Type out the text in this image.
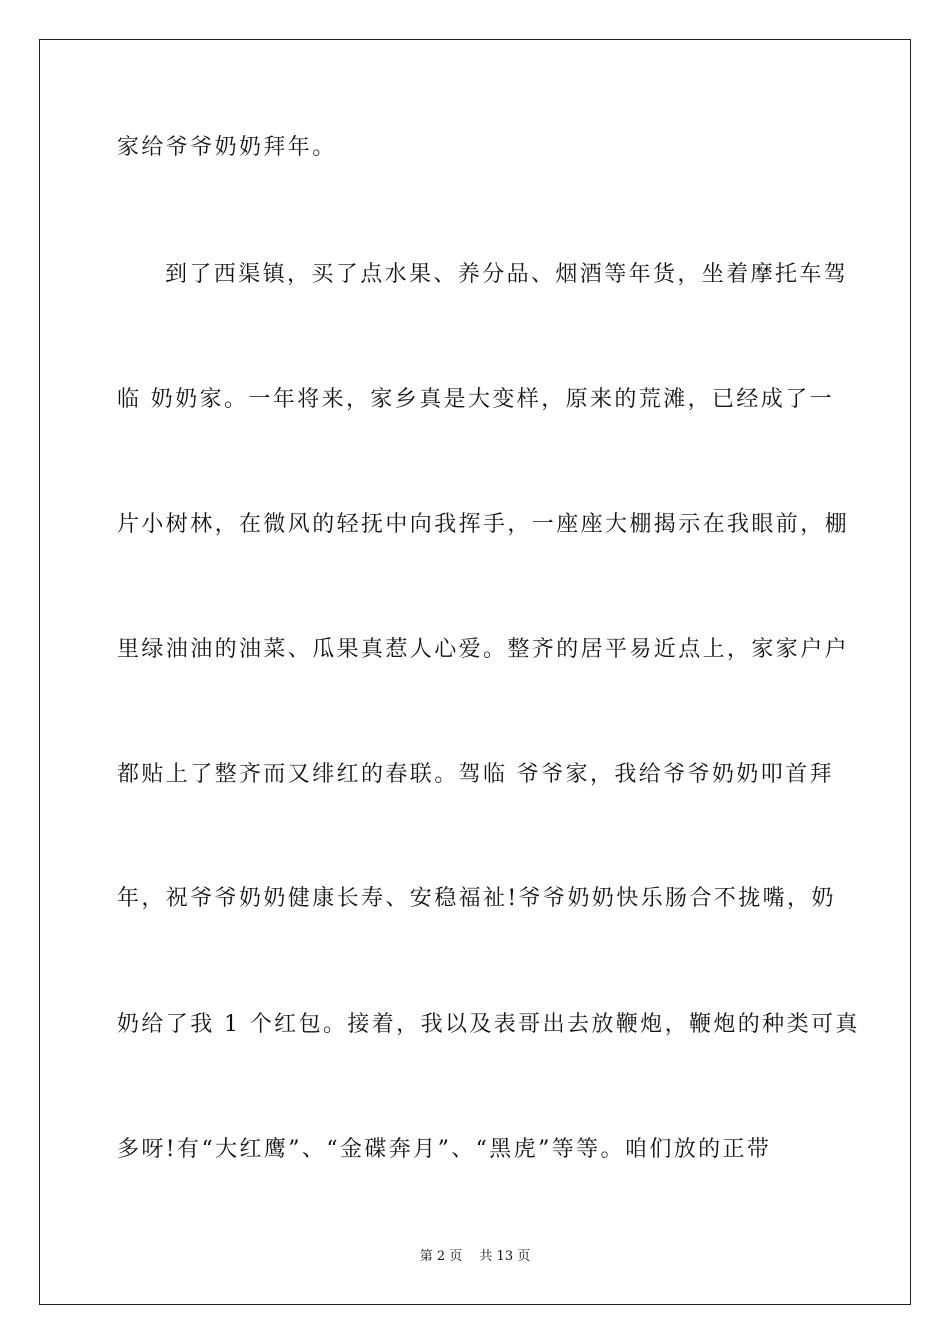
家给爷爷奶奶拜年。
到了西渠镇，买了点水果、养分品、烟酒等年货，坐着摩托车驾
临 奶奶家。一年将来，家乡真是大变样，原来的荒滩，已经成了一
片小树林，在微风的轻抚中向我挥手，一座座大棚揭示在我眼前，棚
里绿油油的油菜、瓜果真惹人心爱。整齐的居平易近点上，家家户户
都贴上了整齐而又绯红的春联。驾临 爷爷家，我给爷爷奶奶叩首拜
年，祝爷爷奶奶健康长寿、安稳福祉!爷爷奶奶快乐肠合不拢嘴，奶
奶给了我 1 个红包。接着，我以及表哥出去放鞭炮，鞭炮的种类可真
多呀!有“大红鹰”、“金碟奔月”、“黑虎”等等。咱们放的正带
第 2 页　 共 13 页
